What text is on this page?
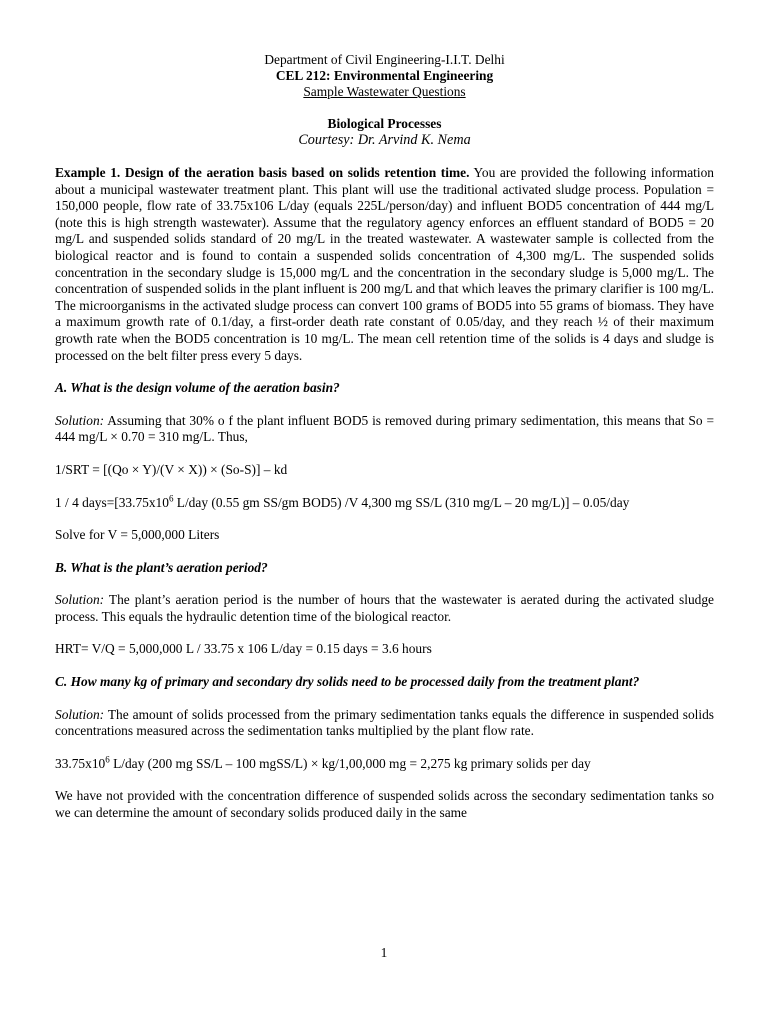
Department of Civil Engineering-I.I.T. Delhi
CEL 212: Environmental Engineering
Sample Wastewater Questions
Biological Processes
Courtesy: Dr. Arvind K. Nema

Example 1. Design of the aeration basis based on solids retention time. You are provided the following information about a municipal wastewater treatment plant. This plant will use the traditional activated sludge process. Population = 150,000 people, flow rate of 33.75x106 L/day (equals 225L/person/day) and influent BOD5 concentration of 444 mg/L (note this is high strength wastewater). Assume that the regulatory agency enforces an effluent standard of BOD5 = 20 mg/L and suspended solids standard of 20 mg/L in the treated wastewater. A wastewater sample is collected from the biological reactor and is found to contain a suspended solids concentration of 4,300 mg/L. The suspended solids concentration in the secondary sludge is 15,000 mg/L and the concentration in the secondary sludge is 5,000 mg/L. The concentration of suspended solids in the plant influent is 200 mg/L and that which leaves the primary clarifier is 100 mg/L. The microorganisms in the activated sludge process can convert 100 grams of BOD5 into 55 grams of biomass. They have a maximum growth rate of 0.1/day, a first-order death rate constant of 0.05/day, and they reach ½ of their maximum growth rate when the BOD5 concentration is 10 mg/L. The mean cell retention time of the solids is 4 days and sludge is processed on the belt filter press every 5 days.

A. What is the design volume of the aeration basin?

Solution: Assuming that 30% o f the plant influent BOD5 is removed during primary sedimentation, this means that So = 444 mg/L × 0.70 = 310 mg/L. Thus,

1/SRT = [(Qo × Y)/(V × X)) × (So-S)] – kd

1 / 4 $days=[33.75x10^6$ L/day (0.55 gm SS/gm BOD5) /V 4,300 mg SS/L (310 mg/L – 20 mg/L)] – 0.05/day

Solve for V = 5,000,000 Liters

B. What is the plant’s aeration period?

Solution: The plant’s aeration period is the number of hours that the wastewater is aerated during the activated sludge process. This equals the hydraulic detention time of the biological reactor.

HRT= V/Q = 5,000,000 L / 33.75 x 106 L/day = 0.15 days = 3.6 hours

C. How many kg of primary and secondary dry solids need to be processed daily from the treatment plant?

Solution: The amount of solids processed from the primary sedimentation tanks equals the difference in suspended solids concentrations measured across the sedimentation tanks multiplied by the plant flow rate.

$33.75x10^6$ L/day (200 mg SS/L – 100 mgSS/L) × kg/1,00,000 mg = 2,275 kg primary solids per day

We have not provided with the concentration difference of suspended solids across the secondary sedimentation tanks so we can determine the amount of secondary solids produced daily in the same

1
